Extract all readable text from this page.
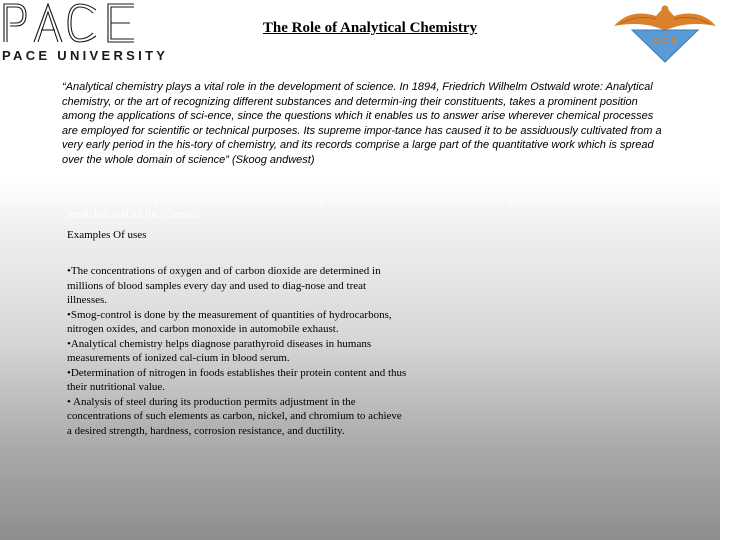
PACE UNIVERSITY
The Role of Analytical Chemistry
A C S
“Analytical chemistry plays a vital role in the development of science. In 1894, Friedrich Wilhelm Ostwald wrote: Analytical chemistry, or the art of recognizing different substances and determin-ing their constituents, takes a prominent position among the applications of sci-ence, since the questions which it enables us to answer arise wherever chemical processes are employed for scientific or technical purposes. Its supreme impor-tance has caused it to be assiduously cultivated from a very early period in the his-tory of chemistry, and its records comprise a large part of the quantitative work which is spread over the whole domain of science” (Skoog andwest)
Analytical chemistry has evolved from an art of court magicians to alchemist’s into a sci-ence with applications throughout industry, medicine, and all the sciences.
Examples Of uses
•The concentrations of oxygen and of carbon dioxide are determined in millions of blood samples every day and used to diag-nose and treat illnesses.
•Smog-control is done by the measurement of quantities of hydrocarbons, nitrogen oxides, and carbon monoxide in automobile exhaust.
•Analytical chemistry helps diagnose parathyroid diseases in humans measurements of ionized cal-cium in blood serum.
•Determination of nitrogen in foods establishes their protein content and thus their nutritional value.
• Analysis of steel during its production permits adjustment in the concentrations of such elements as carbon, nickel, and chromium to achieve a desired strength, hardness, corrosion resistance, and ductility.
